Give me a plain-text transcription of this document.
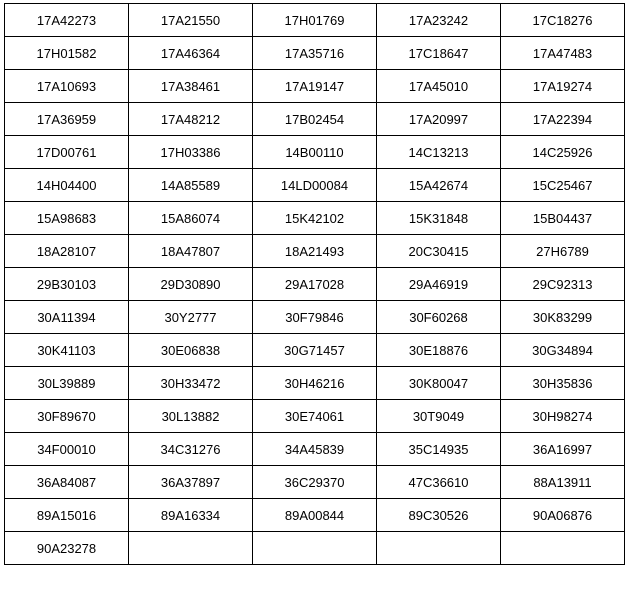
17A42273	17A21550	17H01769	17A23242	17C18276
17H01582	17A46364	17A35716	17C18647	17A47483
17A10693	17A38461	17A19147	17A45010	17A19274
17A36959	17A48212	17B02454	17A20997	17A22394
17D00761	17H03386	14B00110	14C13213	14C25926
14H04400	14A85589	14LD00084	15A42674	15C25467
15A98683	15A86074	15K42102	15K31848	15B04437
18A28107	18A47807	18A21493	20C30415	27H6789
29B30103	29D30890	29A17028	29A46919	29C92313
30A11394	30Y2777	30F79846	30F60268	30K83299
30K41103	30E06838	30G71457	30E18876	30G34894
30L39889	30H33472	30H46216	30K80047	30H35836
30F89670	30L13882	30E74061	30T9049	30H98274
34F00010	34C31276	34A45839	35C14935	36A16997
36A84087	36A37897	36C29370	47C36610	88A13911
89A15016	89A16334	89A00844	89C30526	90A06876
90A23278				
